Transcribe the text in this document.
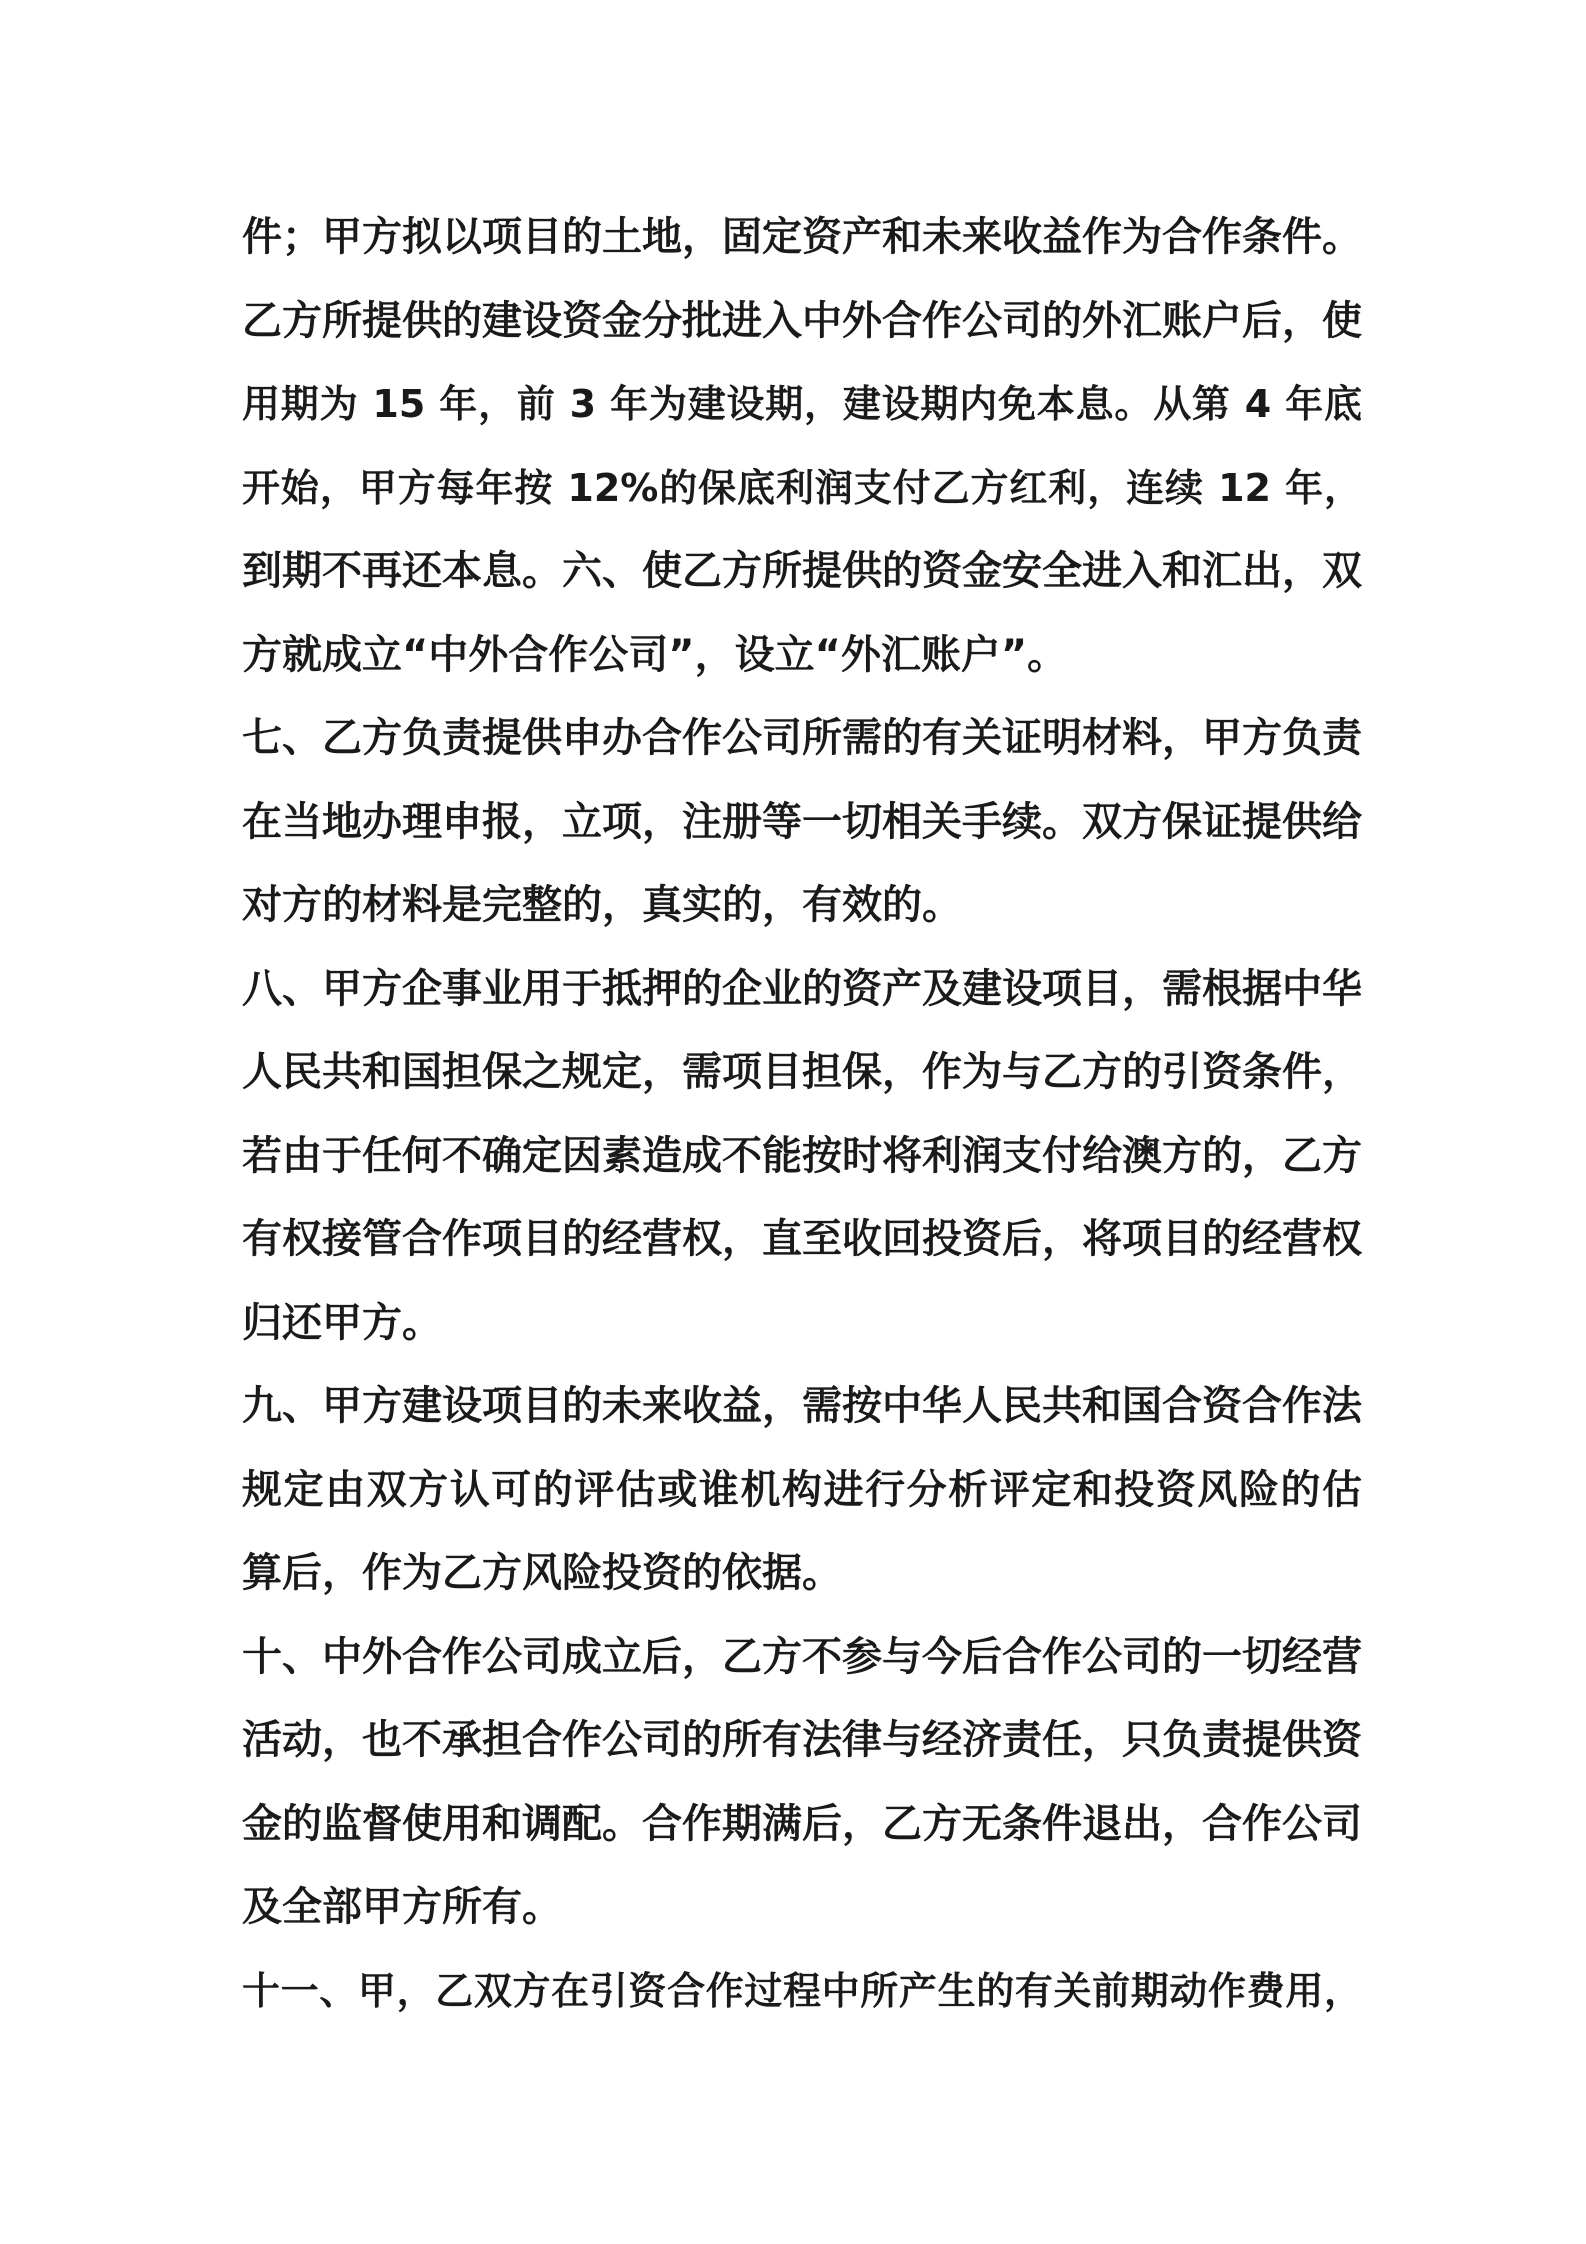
件；甲方拟以项目的土地，固定资产和未来收益作为合作条件。
乙方所提供的建设资金分批进入中外合作公司的外汇账户后，使
用期为 15 年，前 3 年为建设期，建设期内免本息。从第 4 年底
开始，甲方每年按 12%的保底利润支付乙方红利，连续 12 年，
到期不再还本息。六、使乙方所提供的资金安全进入和汇出，双
方就成立“中外合作公司”，设立“外汇账户”。
七、乙方负责提供申办合作公司所需的有关证明材料，甲方负责
在当地办理申报，立项，注册等一切相关手续。双方保证提供给
对方的材料是完整的，真实的，有效的。
八、甲方企事业用于抵押的企业的资产及建设项目，需根据中华
人民共和国担保之规定，需项目担保，作为与乙方的引资条件，
若由于任何不确定因素造成不能按时将利润支付给澳方的，乙方
有权接管合作项目的经营权，直至收回投资后，将项目的经营权
归还甲方。
九、甲方建设项目的未来收益，需按中华人民共和国合资合作法
规定由双方认可的评估或谁机构进行分析评定和投资风险的估
算后，作为乙方风险投资的依据。
十、中外合作公司成立后，乙方不参与今后合作公司的一切经营
活动，也不承担合作公司的所有法律与经济责任，只负责提供资
金的监督使用和调配。合作期满后，乙方无条件退出，合作公司
及全部甲方所有。
十一、甲，乙双方在引资合作过程中所产生的有关前期动作费用，
